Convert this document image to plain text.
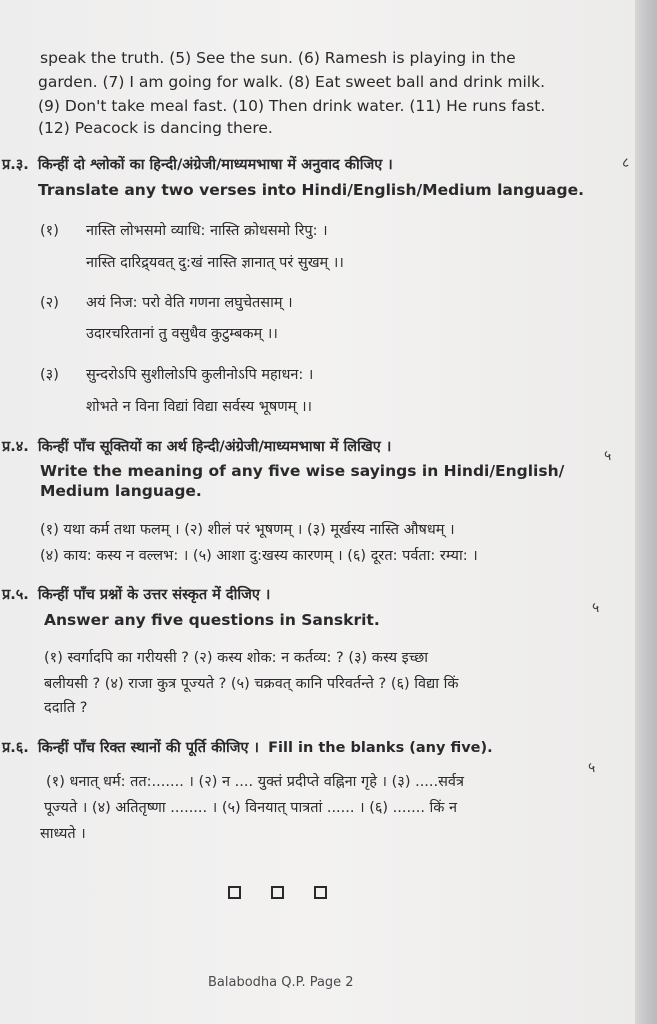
speak the truth. (5) See the sun. (6) Ramesh is playing in the
garden. (7) I am going for walk. (8) Eat sweet ball and drink milk.
(9) Don't take meal fast. (10) Then drink water. (11) He runs fast.
(12) Peacock is dancing there.
प्र.३. किन्हीं दो श्लोकों का हिन्दी/अंग्रेजी/माध्यमभाषा में अनुवाद कीजिए ।	८
Translate any two verses into Hindi/English/Medium language.
(१) नास्ति लोभसमो व्याधि: नास्ति क्रोधसमो रिपु: ।
नास्ति दारिद्र्यवत् दु:खं नास्ति ज्ञानात् परं सुखम् ।।
(२) अयं निज: परो वेति गणना लघुचेतसाम् ।
उदारचरितानां तु वसुधैव कुटुम्बकम् ।।
(३) सुन्दरोऽपि सुशीलोऽपि कुलीनोऽपि महाधन: ।
शोभते न विना विद्यां विद्या सर्वस्य भूषणम् ।।
प्र.४. किन्हीं पाँच सूक्तियों का अर्थ हिन्दी/अंग्रेजी/माध्यमभाषा में लिखिए ।
५
Write the meaning of any five wise sayings in Hindi/English/
Medium language.
(१) यथा कर्म तथा फलम् । (२) शीलं परं भूषणम् । (३) मूर्खस्य नास्ति औषधम् ।
(४) काय: कस्य न वल्लभ: । (५) आशा दु:खस्य कारणम् । (६) दूरत: पर्वता: रम्या: ।
प्र.५. किन्हीं पाँच प्रश्नों के उत्तर संस्कृत में दीजिए ।
५
Answer any five questions in Sanskrit.
(१) स्वर्गादपि का गरीयसी ? (२) कस्य शोक: न कर्तव्य: ? (३) कस्य इच्छा
बलीयसी ? (४) राजा कुत्र पूज्यते ? (५) चक्रवत् कानि परिवर्तन्ते ? (६) विद्या किं
ददाति ?
प्र.६. किन्हीं पाँच रिक्त स्थानों की पूर्ति कीजिए । Fill in the blanks (any five).
५
(१) धनात् धर्म: तत:....... । (२) न .... युक्तं प्रदीप्ते वह्निना गृहे । (३) .....सर्वत्र
पूज्यते । (४) अतितृष्णा ........ । (५) विनयात् पात्रतां ...... । (६) ....... किं न
साध्यते ।
Balabodha Q.P. Page 2
